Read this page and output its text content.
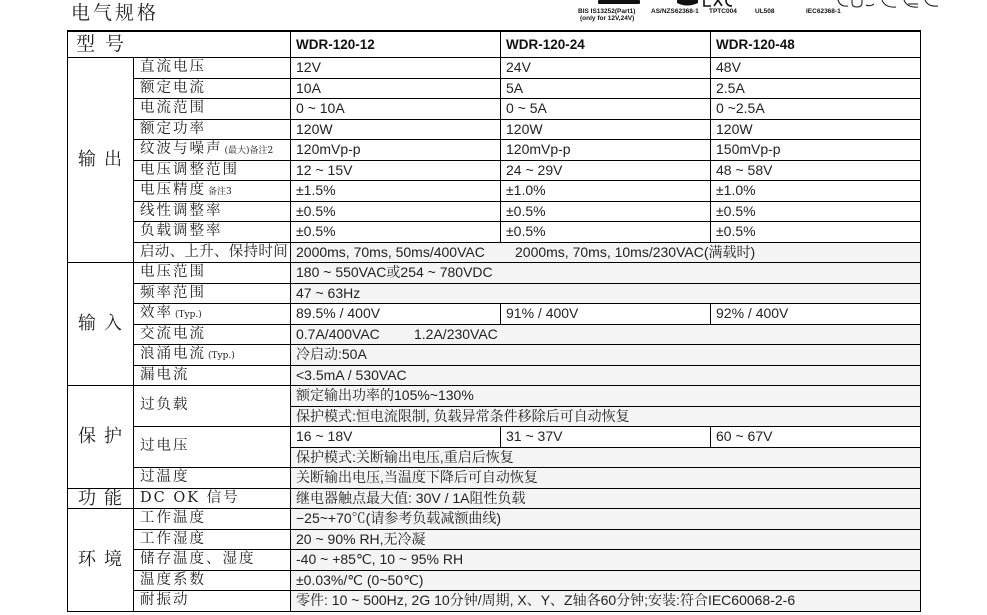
电气规格	BIS IS13252(Part1)
(only for 12V,24V)
AS/NZS62368-1 TPTC004	UL508	IEC62368-1
型号	WDR-120-12	WDR-120-24	WDR-120-48
输出
直流电压	12V	24V	48V
额定电流	10A	5A	2.5A
电流范围	0 ~ 10A	0 ~ 5A	0 ~2.5A
额定功率	120W	120W	120W
纹波与噪声 (最大)备注2	120mVp-p	120mVp-p	150mVp-p
电压调整范围	12 ~ 15V	24 ~ 29V	48 ~ 58V
电压精度 备注3	±1.5%	±1.0%	±1.0%
线性调整率	±0.5%	±0.5%	±0.5%
负载调整率	±0.5%	±0.5%	±0.5%
启动、上升、保持时间 2000ms, 70ms, 50ms/400VAC 2000ms, 70ms, 10ms/230VAC(满载时)
输入
电压范围	180 ~ 550VAC或254 ~ 780VDC
频率范围	47 ~ 63Hz
效率 (Typ.)	89.5% / 400V	91% / 400V	92% / 400V
交流电流	0.7A/400VAC 1.2A/230VAC
浪涌电流 (Typ.)	冷启动:50A
漏电流	<3.5mA / 530VAC
保护
过负载
额定输出功率的105%~130%
保护模式:恒电流限制, 负载异常条件移除后可自动恢复
过电压
16 ~ 18V	31 ~ 37V	60 ~ 67V
保护模式:关断输出电压,重启后恢复
过温度	关断输出电压,当温度下降后可自动恢复
功能 DC OK 信号	继电器触点最大值: 30V / 1A阻性负载
环境
工作温度	−25~+70℃(请参考负载减额曲线)
工作湿度	20 ~ 90% RH,无冷凝
储存温度、湿度	-40 ~ +85℃, 10 ~ 95% RH
温度系数	±0.03%/℃ (0~50℃)
耐振动	零件: 10 ~ 500Hz, 2G 10分钟/周期, X、Y、Z轴各60分钟;安装:符合IEC60068-2-6
